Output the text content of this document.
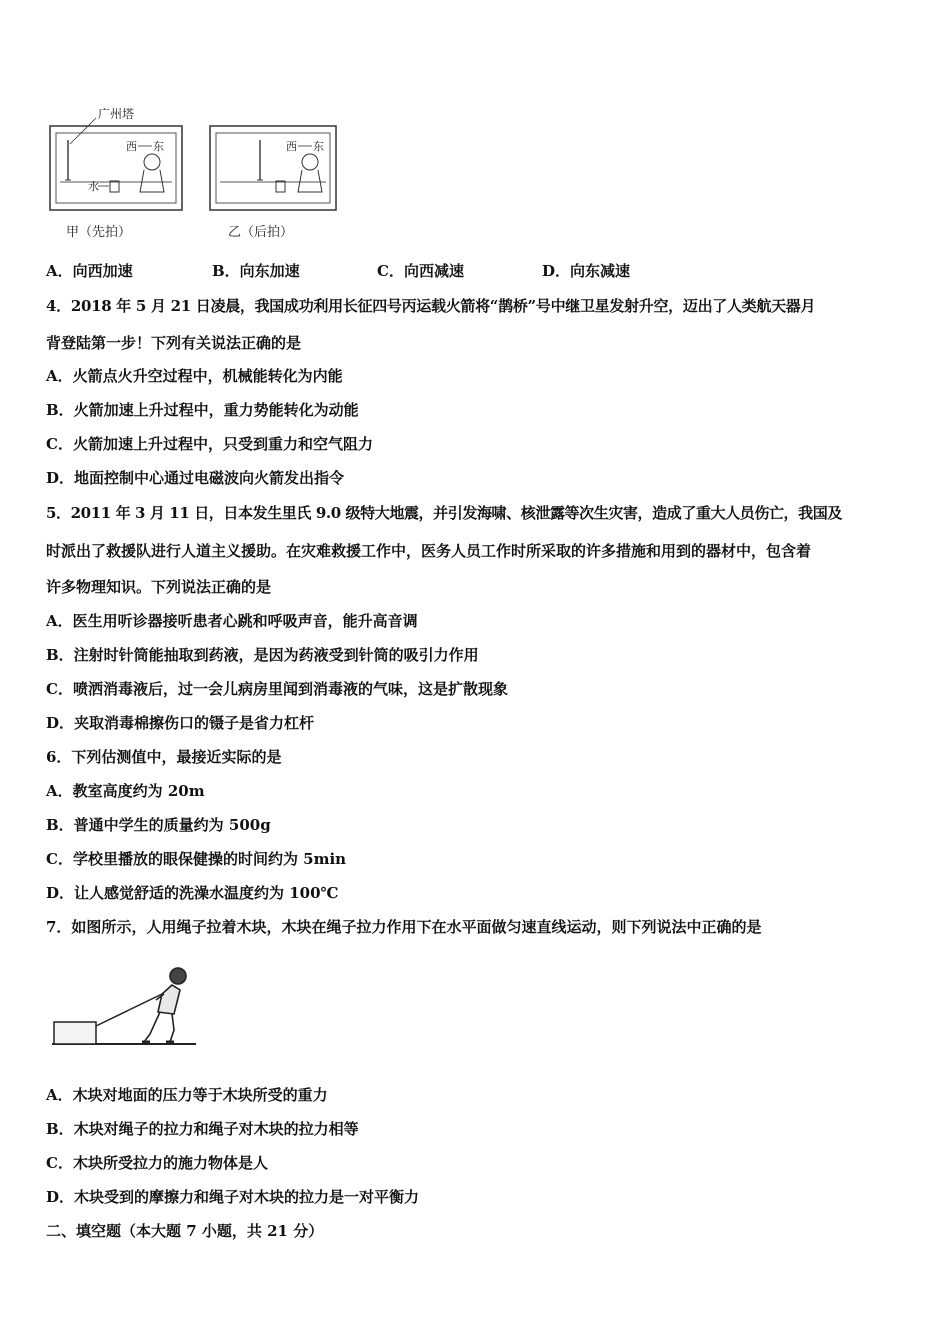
广州塔
西 东
水
西 东
甲（先拍）	乙（后拍）
A．向西加速	B．向东加速	C．向西减速	D．向东减速
4．2018 年 5 月 21 日凌晨，我国成功利用长征四号丙运载火箭将“鹊桥”号中继卫星发射升空，迈出了人类航天器月
背登陆第一步！下列有关说法正确的是
A．火箭点火升空过程中，机械能转化为内能
B．火箭加速上升过程中，重力势能转化为动能
C．火箭加速上升过程中，只受到重力和空气阻力
D．地面控制中心通过电磁波向火箭发出指令
5．2011 年 3 月 11 日，日本发生里氏 9.0 级特大地震，并引发海啸、核泄露等次生灾害，造成了重大人员伤亡，我国及
时派出了救援队进行人道主义援助。在灾难救援工作中，医务人员工作时所采取的许多措施和用到的器材中，包含着
许多物理知识。下列说法正确的是
A．医生用听诊器接听患者心跳和呼吸声音，能升高音调
B．注射时针筒能抽取到药液，是因为药液受到针筒的吸引力作用
C．喷洒消毒液后，过一会儿病房里闻到消毒液的气味，这是扩散现象
D．夹取消毒棉擦伤口的镊子是省力杠杆
6．下列估测值中，最接近实际的是
A．教室高度约为 20m
B．普通中学生的质量约为 500g
C．学校里播放的眼保健操的时间约为 5min
D．让人感觉舒适的洗澡水温度约为 100℃
7．如图所示，人用绳子拉着木块，木块在绳子拉力作用下在水平面做匀速直线运动，则下列说法中正确的是
A．木块对地面的压力等于木块所受的重力
B．木块对绳子的拉力和绳子对木块的拉力相等
C．木块所受拉力的施力物体是人
D．木块受到的摩擦力和绳子对木块的拉力是一对平衡力
二、填空题（本大题 7 小题，共 21 分）
